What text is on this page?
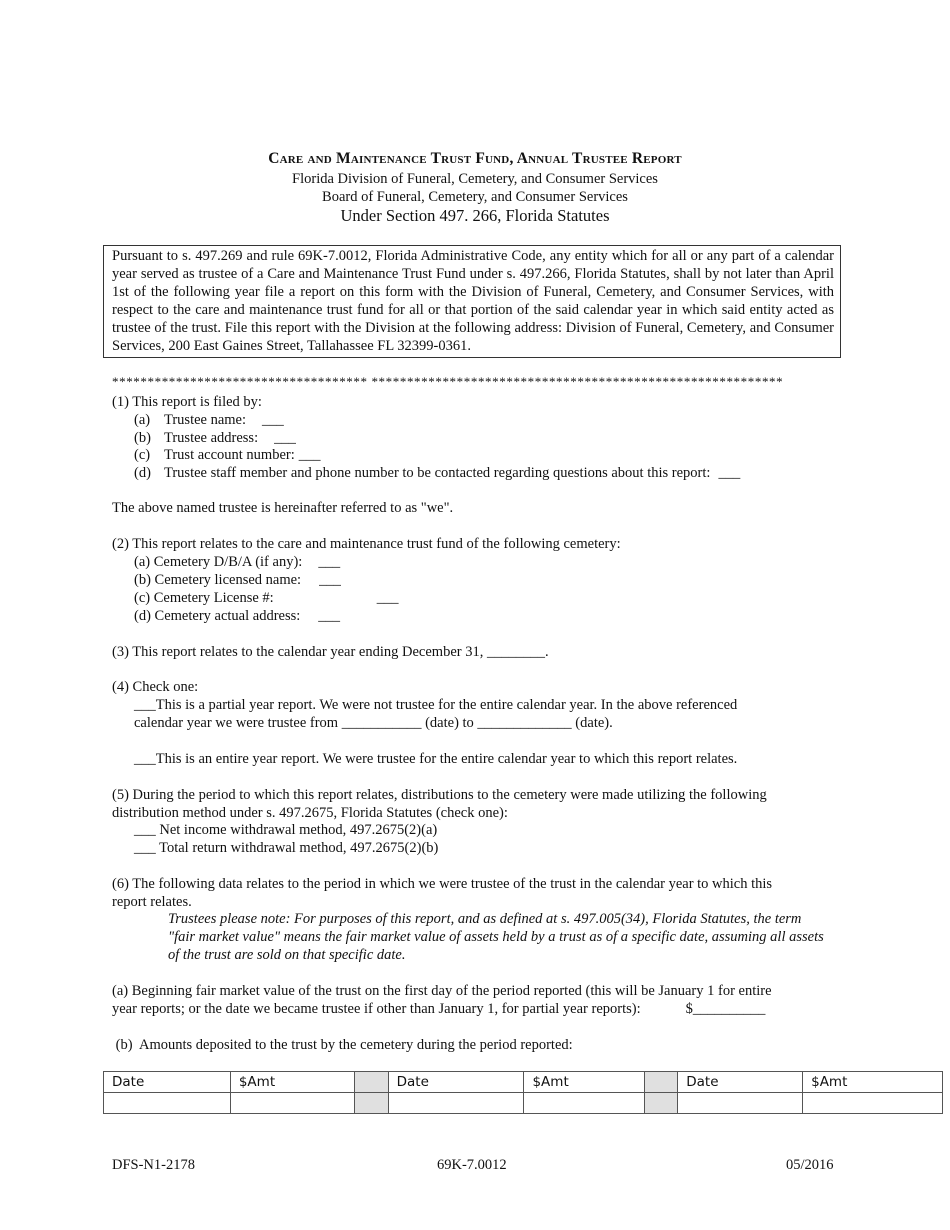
Care and Maintenance Trust Fund, Annual Trustee Report
Florida Division of Funeral, Cemetery, and Consumer Services
Board of Funeral, Cemetery, and Consumer Services
Under Section 497. 266, Florida Statutes
Pursuant to s. 497.269 and rule 69K-7.0012, Florida Administrative Code, any entity which for all or any part of a calendar year served as trustee of a Care and Maintenance Trust Fund under s. 497.266, Florida Statutes, shall by not later than April 1st of the following year file a report on this form with the Division of Funeral, Cemetery, and Consumer Services, with respect to the care and maintenance trust fund for all or that portion of the said calendar year in which said entity acted as trustee of the trust. File this report with the Division at the following address: Division of Funeral, Cemetery, and Consumer Services, 200 East Gaines Street, Tallahassee FL 32399-0361.
************************************ **********************************************************
(1) This report is filed by:
(a) Trustee name: ___
(b) Trustee address: ___
(c) Trust account number: ___
(d) Trustee staff member and phone number to be contacted regarding questions about this report: ___
The above named trustee is hereinafter referred to as "we".
(2) This report relates to the care and maintenance trust fund of the following cemetery:
(a) Cemetery D/B/A (if any): ___
(b) Cemetery licensed name: ___
(c) Cemetery License #:	___
(d) Cemetery actual address: ___
(3) This report relates to the calendar year ending December 31, ________.
(4) Check one:
___This is a partial year report. We were not trustee for the entire calendar year. In the above referenced
calendar year we were trustee from ___________ (date) to _____________ (date).
___This is an entire year report. We were trustee for the entire calendar year to which this report relates.
(5) During the period to which this report relates, distributions to the cemetery were made utilizing the following
distribution method under s. 497.2675, Florida Statutes (check one):
___ Net income withdrawal method, 497.2675(2)(a)
___ Total return withdrawal method, 497.2675(2)(b)
(6) The following data relates to the period in which we were trustee of the trust in the calendar year to which this
report relates.
Trustees please note: For purposes of this report, and as defined at s. 497.005(34), Florida Statutes, the term "fair market value" means the fair market value of assets held by a trust as of a specific date, assuming all assets of the trust are sold on that specific date.
(a) Beginning fair market value of the trust on the first day of the period reported (this will be January 1 for entire
year reports; or the date we became trustee if other than January 1, for partial year reports):	$__________
(b)  Amounts deposited to the trust by the cemetery during the period reported:
Date	$Amt		Date	$Amt		Date	$Amt

DFS-N1-2178	69K-7.0012	05/2016
